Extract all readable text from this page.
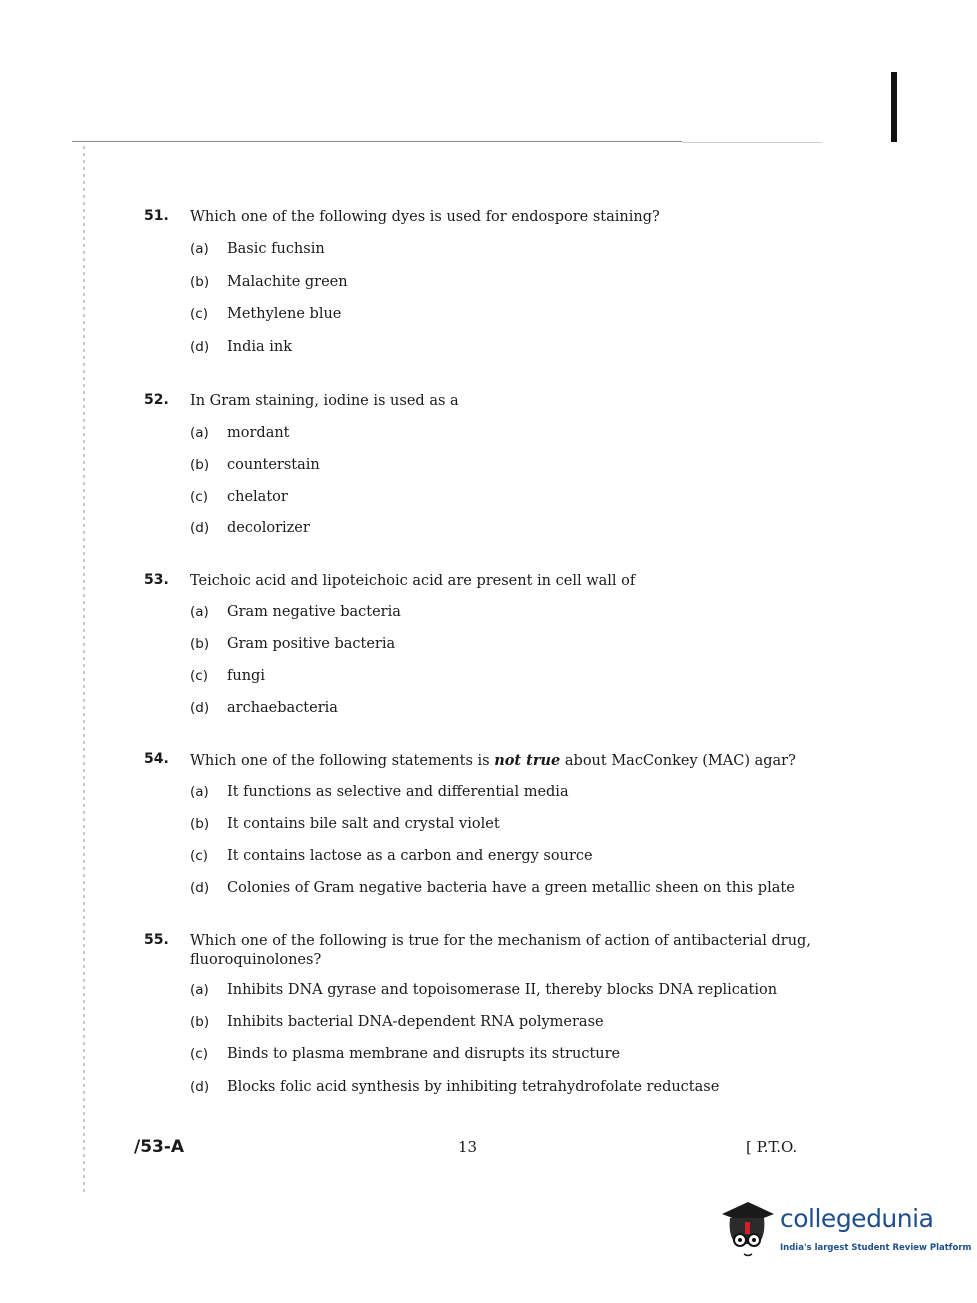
51. Which one of the following dyes is used for endospore staining?
(a) Basic fuchsin
(b) Malachite green
(c) Methylene blue
(d) India ink
52. In Gram staining, iodine is used as a
(a) mordant
(b) counterstain
(c) chelator
(d) decolorizer
53. Teichoic acid and lipoteichoic acid are present in cell wall of
(a) Gram negative bacteria
(b) Gram positive bacteria
(c) fungi
(d) archaebacteria
54. Which one of the following statements is not true about MacConkey (MAC) agar?
(a) It functions as selective and differential media
(b) It contains bile salt and crystal violet
(c) It contains lactose as a carbon and energy source
(d) Colonies of Gram negative bacteria have a green metallic sheen on this plate
55. Which one of the following is true for the mechanism of action of antibacterial drug, fluoroquinolones?
(a) Inhibits DNA gyrase and topoisomerase II, thereby blocks DNA replication
(b) Inhibits bacterial DNA-dependent RNA polymerase
(c) Binds to plasma membrane and disrupts its structure
(d) Blocks folic acid synthesis by inhibiting tetrahydrofolate reductase
/53-A	13	[ P.T.O.
collegedunia
India's largest Student Review Platform
